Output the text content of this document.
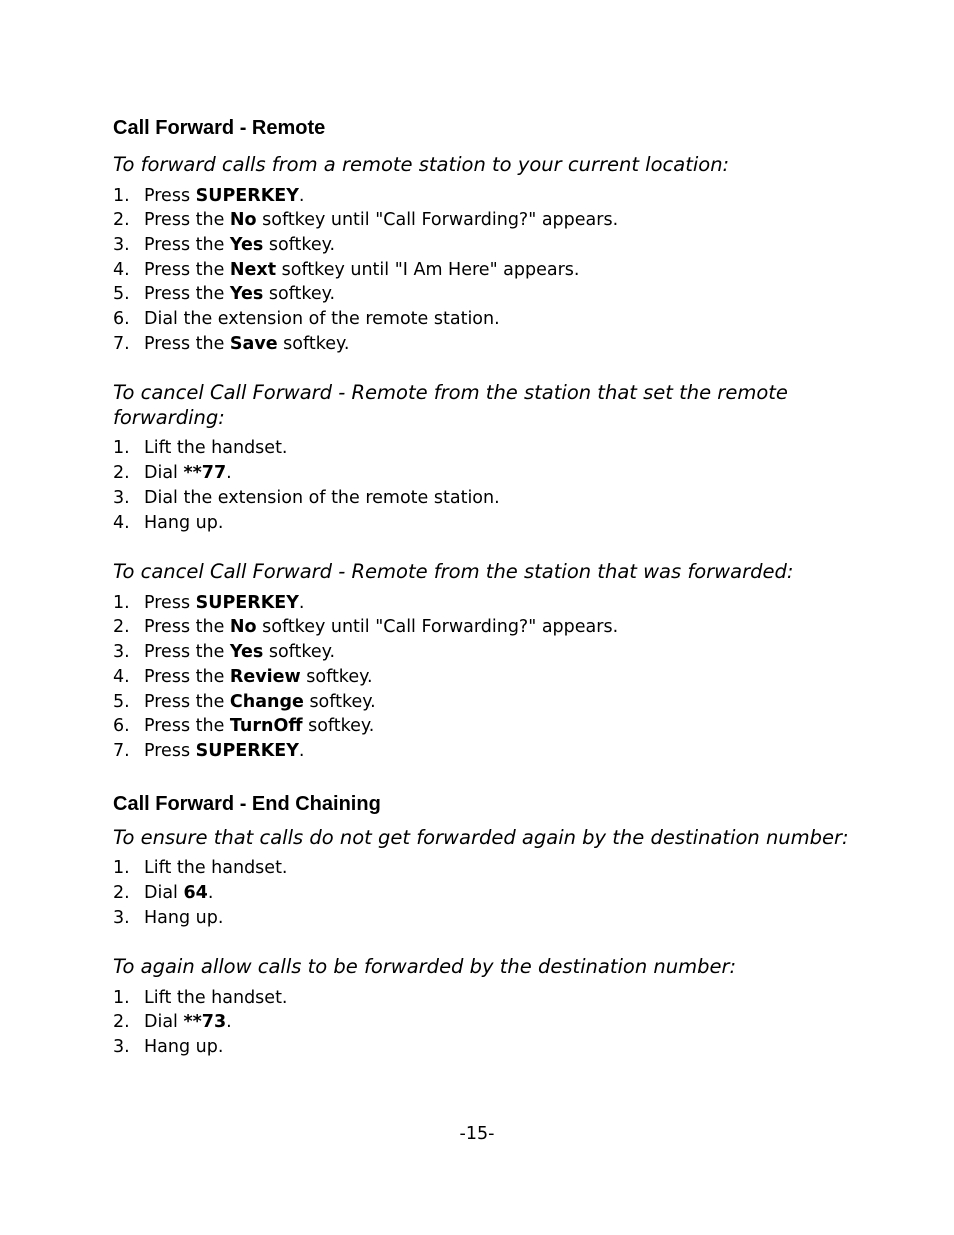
Call Forward - Remote

To forward calls from a remote station to your current location:

1. Press SUPERKEY.
2. Press the No softkey until "Call Forwarding?" appears.
3. Press the Yes softkey.
4. Press the Next softkey until "I Am Here" appears.
5. Press the Yes softkey.
6. Dial the extension of the remote station.
7. Press the Save softkey.

To cancel Call Forward - Remote from the station that set the remote forwarding:

1. Lift the handset.
2. Dial **77.
3. Dial the extension of the remote station.
4. Hang up.

To cancel Call Forward - Remote from the station that was forwarded:

1. Press SUPERKEY.
2. Press the No softkey until "Call Forwarding?" appears.
3. Press the Yes softkey.
4. Press the Review softkey.
5. Press the Change softkey.
6. Press the TurnOff softkey.
7. Press SUPERKEY.
Call Forward - End Chaining

To ensure that calls do not get forwarded again by the destination number:

1. Lift the handset.
2. Dial 64.
3. Hang up.

To again allow calls to be forwarded by the destination number:

1. Lift the handset.
2. Dial **73.
3. Hang up.
-15-
